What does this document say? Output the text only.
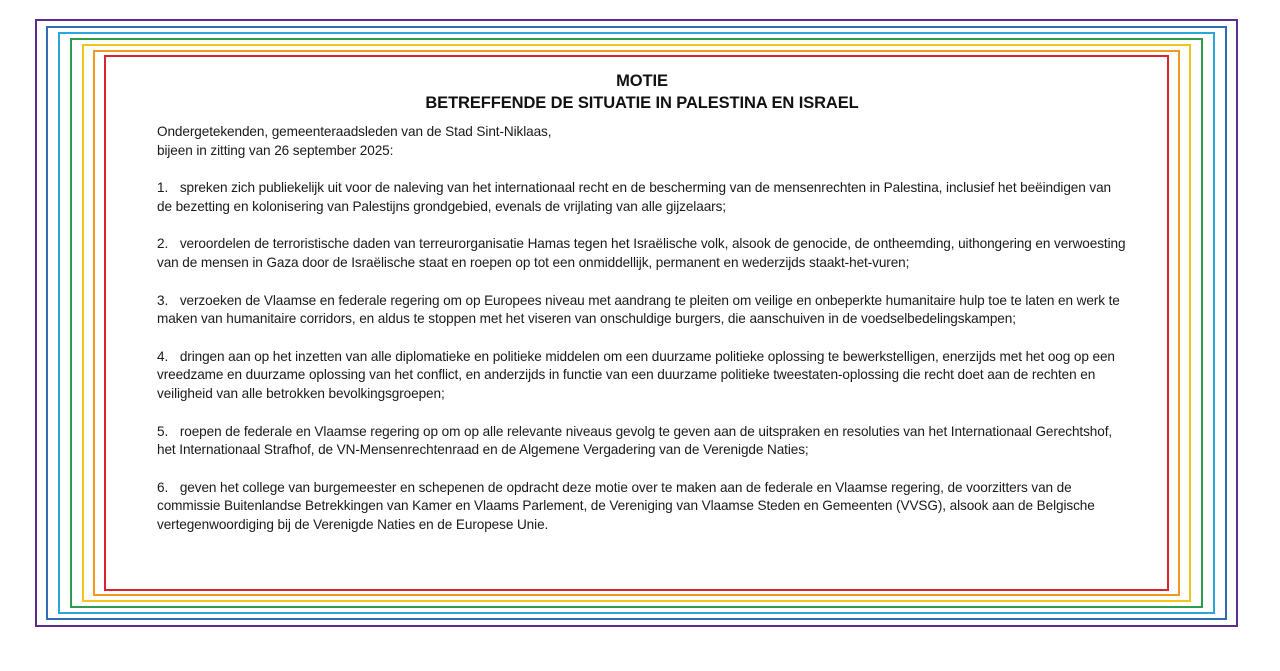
MOTIE
BETREFFENDE DE SITUATIE IN PALESTINA EN ISRAEL
Ondergetekenden, gemeenteraadsleden van de Stad Sint-Niklaas,
bijeen in zitting van 26 september 2025:
1. spreken zich publiekelijk uit voor de naleving van het internationaal recht en de bescherming van de mensenrechten in Palestina, inclusief het beëindigen van de bezetting en kolonisering van Palestijns grondgebied, evenals de vrijlating van alle gijzelaars;
2. veroordelen de terroristische daden van terreurorganisatie Hamas tegen het Israëlische volk, alsook de genocide, de ontheemding, uithongering en verwoesting van de mensen in Gaza door de Israëlische staat en roepen op tot een onmiddellijk, permanent en wederzijds staakt-het-vuren;
3. verzoeken de Vlaamse en federale regering om op Europees niveau met aandrang te pleiten om veilige en onbeperkte humanitaire hulp toe te laten en werk te maken van humanitaire corridors, en aldus te stoppen met het viseren van onschuldige burgers, die aanschuiven in de voedselbedelingskampen;
4. dringen aan op het inzetten van alle diplomatieke en politieke middelen om een duurzame politieke oplossing te bewerkstelligen, enerzijds met het oog op een vreedzame en duurzame oplossing van het conflict, en anderzijds in functie van een duurzame politieke tweestaten-oplossing die recht doet aan de rechten en veiligheid van alle betrokken bevolkingsgroepen;
5. roepen de federale en Vlaamse regering op om op alle relevante niveaus gevolg te geven aan de uitspraken en resoluties van het Internationaal Gerechtshof, het Internationaal Strafhof, de VN-Mensenrechtenraad en de Algemene Vergadering van de Verenigde Naties;
6. geven het college van burgemeester en schepenen de opdracht deze motie over te maken aan de federale en Vlaamse regering, de voorzitters van de commissie Buitenlandse Betrekkingen van Kamer en Vlaams Parlement, de Vereniging van Vlaamse Steden en Gemeenten (VVSG), alsook aan de Belgische vertegenwoordiging bij de Verenigde Naties en de Europese Unie.
